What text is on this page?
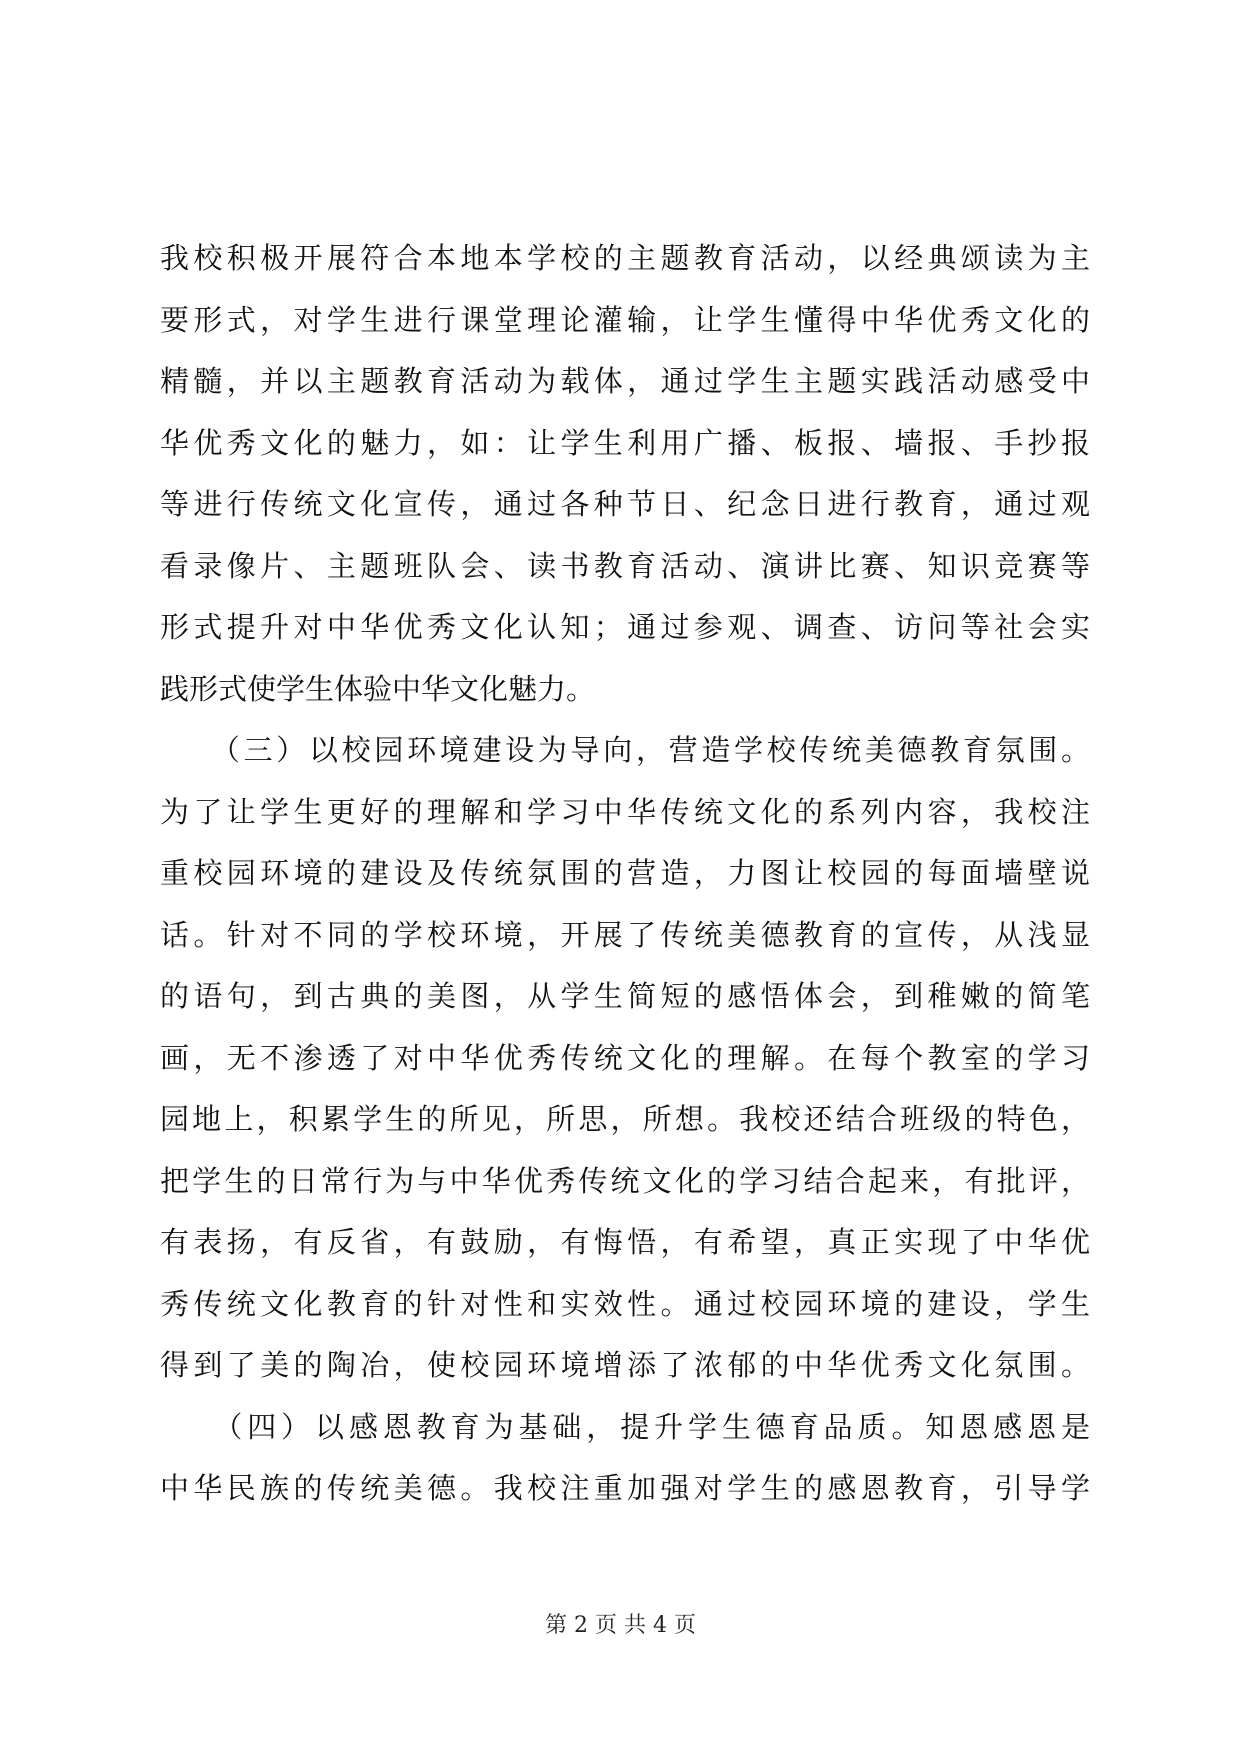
我校积极开展符合本地本学校的主题教育活动，以经典颂读为主
要形式，对学生进行课堂理论灌输，让学生懂得中华优秀文化的
精髓，并以主题教育活动为载体，通过学生主题实践活动感受中
华优秀文化的魅力，如：让学生利用广播、板报、墙报、手抄报
等进行传统文化宣传，通过各种节日、纪念日进行教育，通过观
看录像片、主题班队会、读书教育活动、演讲比赛、知识竞赛等
形式提升对中华优秀文化认知；通过参观、调查、访问等社会实
践形式使学生体验中华文化魅力。
　　（三）以校园环境建设为导向，营造学校传统美德教育氛围。
为了让学生更好的理解和学习中华传统文化的系列内容，我校注
重校园环境的建设及传统氛围的营造，力图让校园的每面墙壁说
话。针对不同的学校环境，开展了传统美德教育的宣传，从浅显
的语句，到古典的美图，从学生简短的感悟体会，到稚嫩的简笔
画，无不渗透了对中华优秀传统文化的理解。在每个教室的学习
园地上，积累学生的所见，所思，所想。我校还结合班级的特色，
把学生的日常行为与中华优秀传统文化的学习结合起来，有批评，
有表扬，有反省，有鼓励，有悔悟，有希望，真正实现了中华优
秀传统文化教育的针对性和实效性。通过校园环境的建设，学生
得到了美的陶冶，使校园环境增添了浓郁的中华优秀文化氛围。
　　（四）以感恩教育为基础，提升学生德育品质。知恩感恩是
中华民族的传统美德。我校注重加强对学生的感恩教育，引导学
第 2 页 共 4 页
